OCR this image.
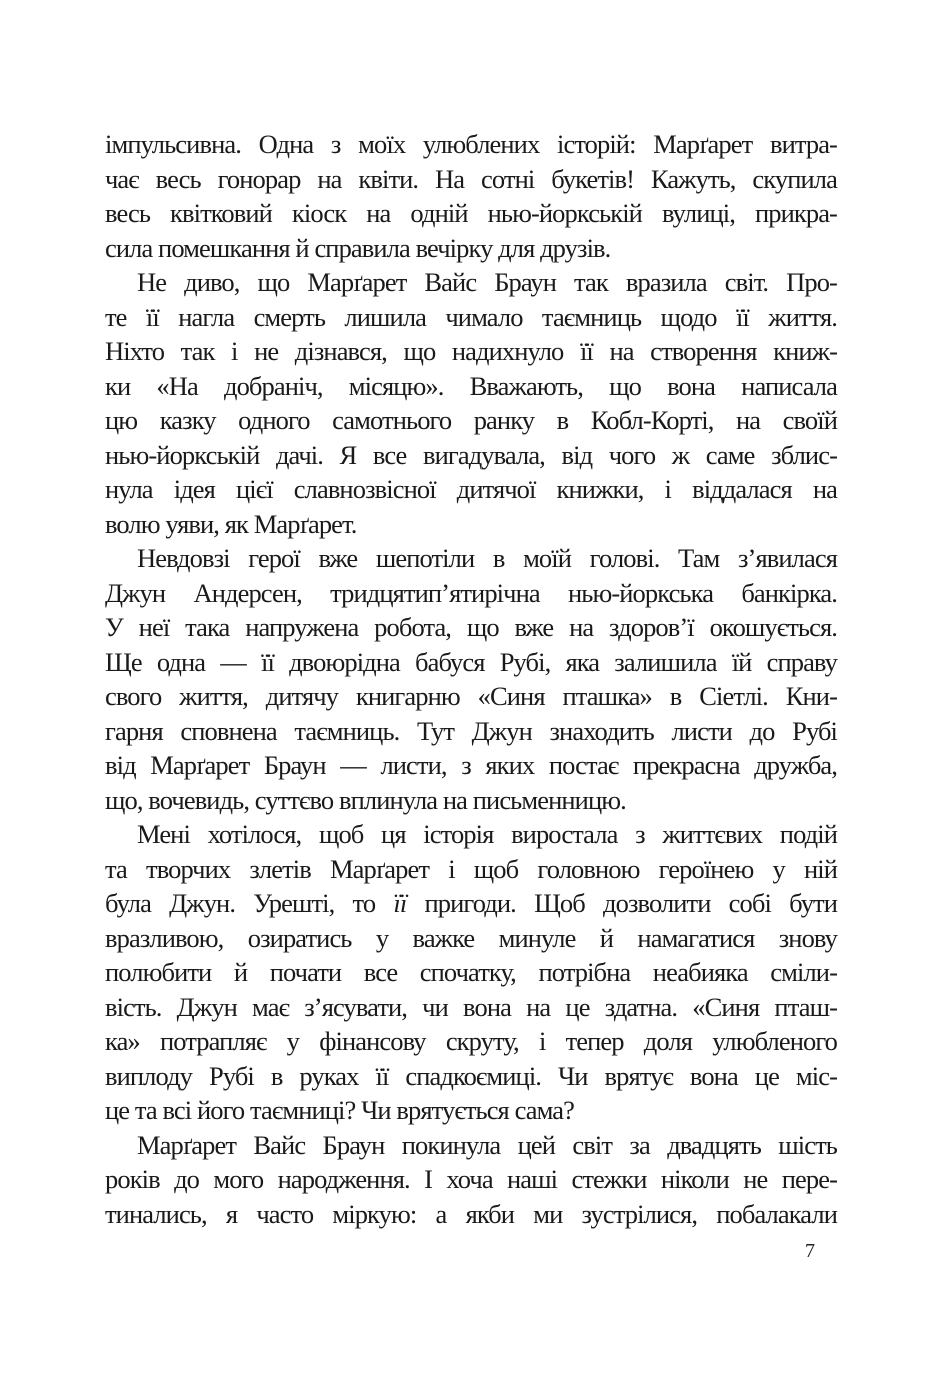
імпульсивна. Одна з моїх улюблених історій: Марґарет витра-
чає весь гонорар на квіти. На сотні букетів! Кажуть, скупила
весь квітковий кіоск на одній нью-йоркській вулиці, прикра-
сила помешкання й справила вечірку для друзів.
Не диво, що Марґарет Вайс Браун так вразила світ. Про-
те її нагла смерть лишила чимало таємниць щодо її життя.
Ніхто так і не дізнався, що надихнуло її на створення книж-
ки «На добраніч, місяцю». Вважають, що вона написала
цю казку одного самотнього ранку в Кобл-Корті, на своїй
нью-йоркській дачі. Я все вигадувала, від чого ж саме зблис-
нула ідея цієї славнозвісної дитячої книжки, і віддалася на
волю уяви, як Марґарет.
Невдовзі герої вже шепотіли в моїй голові. Там з’явилася
Джун Андерсен, тридцятип’ятирічна нью-йоркська банкірка.
У неї така напружена робота, що вже на здоров’ї окошується.
Ще одна — її двоюрідна бабуся Рубі, яка залишила їй справу
свого життя, дитячу книгарню «Синя пташка» в Сіетлі. Кни-
гарня сповнена таємниць. Тут Джун знаходить листи до Рубі
від Марґарет Браун — листи, з яких постає прекрасна дружба,
що, вочевидь, суттєво вплинула на письменницю.
Мені хотілося, щоб ця історія виростала з життєвих подій
та творчих злетів Марґарет і щоб головною героїнею у ній
була Джун. Урешті, то її пригоди. Щоб дозволити собі бути
вразливою, озиратись у важке минуле й намагатися знову
полюбити й почати все спочатку, потрібна неабияка сміли-
вість. Джун має з’ясувати, чи вона на це здатна. «Синя пташ-
ка» потрапляє у фінансову скруту, і тепер доля улюбленого
виплоду Рубі в руках її спадкоємиці. Чи врятує вона це міс-
це та всі його таємниці? Чи врятується сама?
Марґарет Вайс Браун покинула цей світ за двадцять шість
років до мого народження. І хоча наші стежки ніколи не пере-
тинались, я часто міркую: а якби ми зустрілися, побалакали
7
